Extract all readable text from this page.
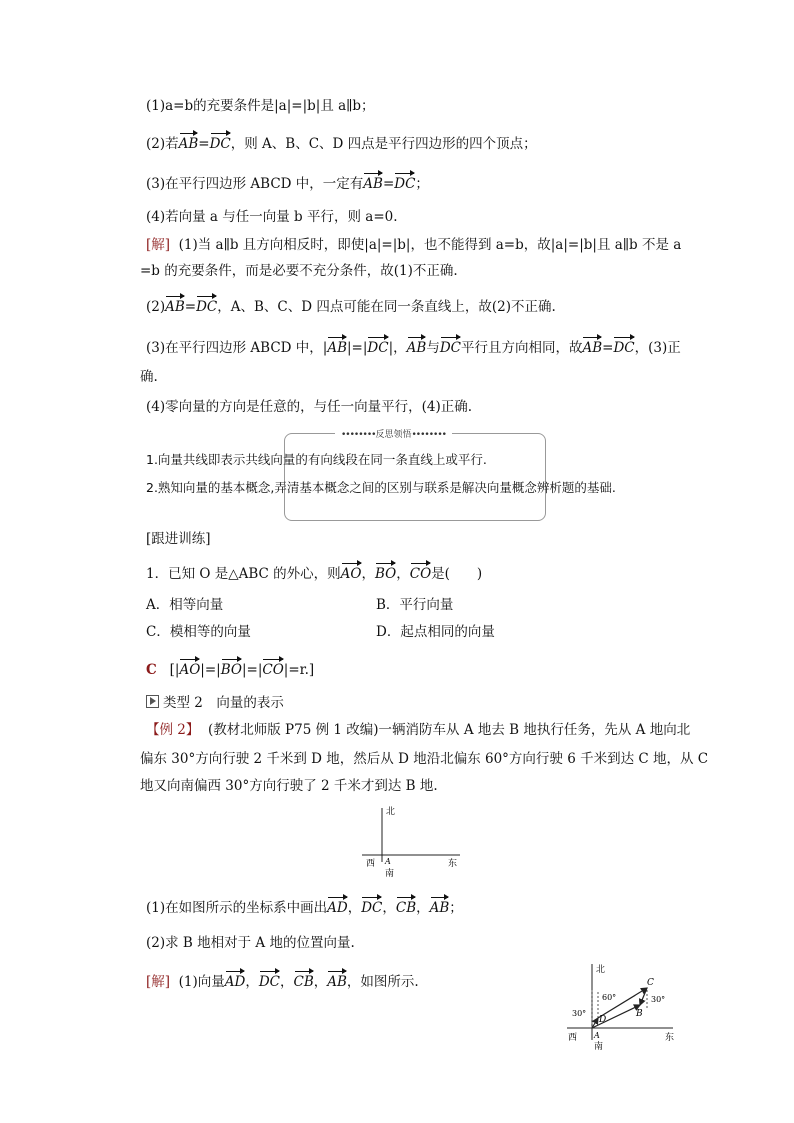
(1)a=b的充要条件是|a|=|b|且 a∥b；
(2)若AB=DC，则 A、B、C、D 四点是平行四边形的四个顶点；
(3)在平行四边形 ABCD 中，一定有AB=DC；
(4)若向量 a 与任一向量 b 平行，则 a=0.
[解] (1)当 a∥b 且方向相反时，即使|a|=|b|，也不能得到 a=b，故|a|=|b|且 a∥b 不是 a
=b 的充要条件，而是必要不充分条件，故(1)不正确.
(2)AB=DC，A、B、C、D 四点可能在同一条直线上，故(2)不正确.
(3)在平行四边形 ABCD 中，|AB|=|DC|，AB与DC平行且方向相同，故AB=DC，(3)正
确.
(4)零向量的方向是任意的，与任一向量平行，(4)正确.
••••••••反思领悟••••••••
1.向量共线即表示共线向量的有向线段在同一条直线上或平行.
2.熟知向量的基本概念,弄清基本概念之间的区别与联系是解决向量概念辨析题的基础.
[跟进训练]
1．已知 O 是△ABC 的外心，则AO，BO，CO是(　　)
A．相等向量	B．平行向量
C．模相等的向量	D．起点相同的向量
C [|AO|=|BO|=|CO|=r.]
类型 2　向量的表示
【例 2】 (教材北师版 P75 例 1 改编)一辆消防车从 A 地去 B 地执行任务，先从 A 地向北
偏东 30°方向行驶 2 千米到 D 地，然后从 D 地沿北偏东 60°方向行驶 6 千米到达 C 地，从 C
地又向南偏西 30°方向行驶了 2 千米才到达 B 地.
北
西	东
A
南
(1)在如图所示的坐标系中画出AD，DC，CB，AB；
(2)求 B 地相对于 A 地的位置向量.
[解] (1)向量AD，DC，CB，AB，如图所示.
北
西	东
A
南
D
C
B
30°
60°	30°
